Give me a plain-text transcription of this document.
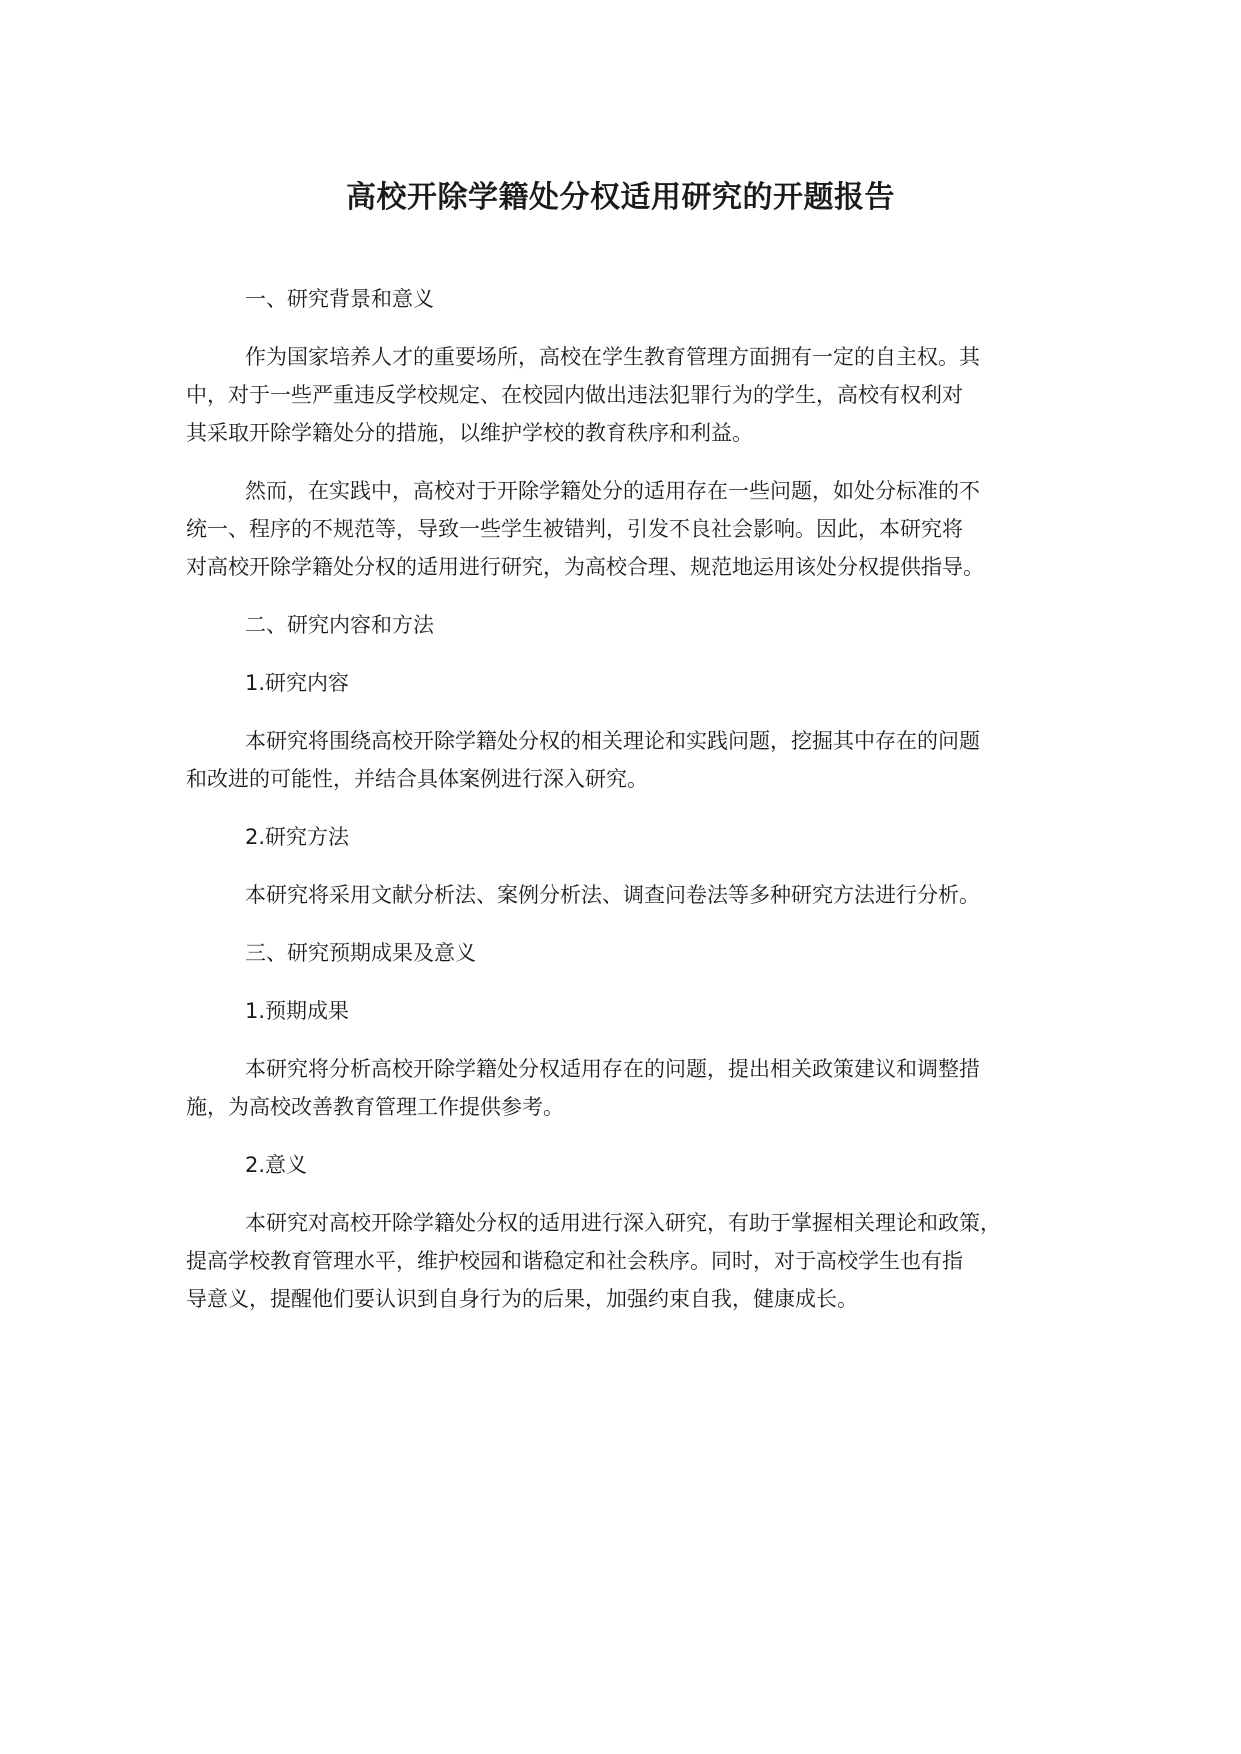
高校开除学籍处分权适用研究的开题报告

一、研究背景和意义

作为国家培养人才的重要场所，高校在学生教育管理方面拥有一定的自主权。其

中，对于一些严重违反学校规定、在校园内做出违法犯罪行为的学生，高校有权利对

其采取开除学籍处分的措施，以维护学校的教育秩序和利益。

然而，在实践中，高校对于开除学籍处分的适用存在一些问题，如处分标准的不

统一、程序的不规范等，导致一些学生被错判，引发不良社会影响。因此，本研究将

对高校开除学籍处分权的适用进行研究，为高校合理、规范地运用该处分权提供指导。

二、研究内容和方法

1.研究内容

本研究将围绕高校开除学籍处分权的相关理论和实践问题，挖掘其中存在的问题

和改进的可能性，并结合具体案例进行深入研究。

2.研究方法

本研究将采用文献分析法、案例分析法、调查问卷法等多种研究方法进行分析。

三、研究预期成果及意义

1.预期成果

本研究将分析高校开除学籍处分权适用存在的问题，提出相关政策建议和调整措

施，为高校改善教育管理工作提供参考。

2.意义

本研究对高校开除学籍处分权的适用进行深入研究，有助于掌握相关理论和政策，

提高学校教育管理水平，维护校园和谐稳定和社会秩序。同时，对于高校学生也有指

导意义，提醒他们要认识到自身行为的后果，加强约束自我，健康成长。
